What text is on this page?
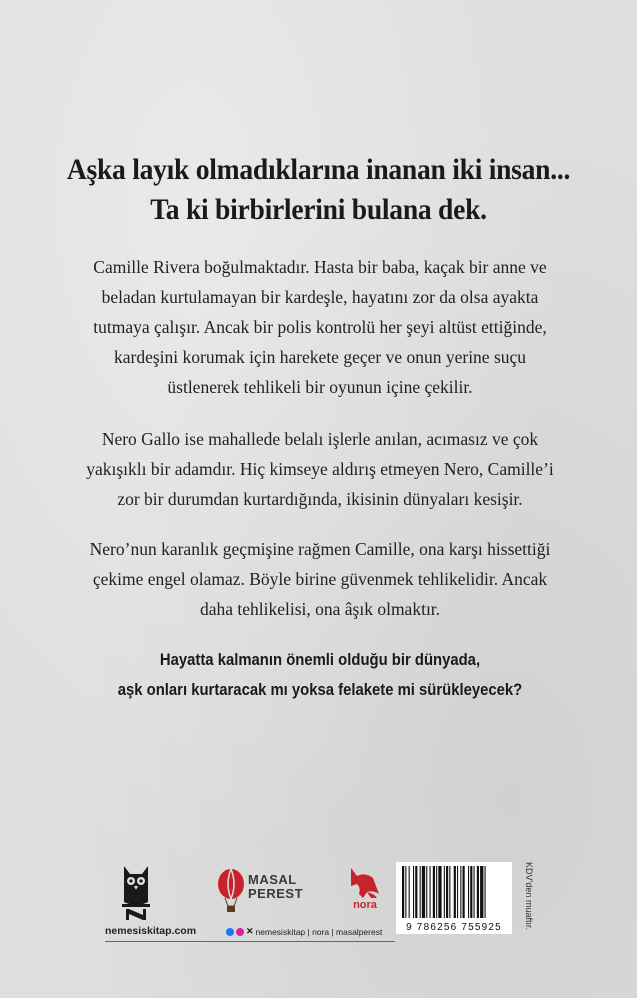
Aşka layık olmadıklarına inanan iki insan...
Ta ki birbirlerini bulana dek.
Camille Rivera boğulmaktadır. Hasta bir baba, kaçak bir anne ve
beladan kurtulamayan bir kardeşle, hayatını zor da olsa ayakta
tutmaya çalışır. Ancak bir polis kontrolü her şeyi altüst ettiğinde,
kardeşini korumak için harekete geçer ve onun yerine suçu
üstlenerek tehlikeli bir oyunun içine çekilir.
Nero Gallo ise mahallede belalı işlerle anılan, acımasız ve çok
yakışıklı bir adamdır. Hiç kimseye aldırış etmeyen Nero, Camille’i
zor bir durumdan kurtardığında, ikisinin dünyaları kesişir.
Nero’nun karanlık geçmişine rağmen Camille, ona karşı hissettiği
çekime engel olamaz. Böyle birine güvenmek tehlikelidir. Ancak
daha tehlikelisi, ona âşık olmaktır.
Hayatta kalmanın önemli olduğu bir dünyada,
aşk onları kurtaracak mı yoksa felakete mi sürükleyecek?
MASAL
PEREST
nora
9 786256 755925	KDV’den muaftır.
nemesiskitap.com	✕ nemesiskitap | nora | masalperest
